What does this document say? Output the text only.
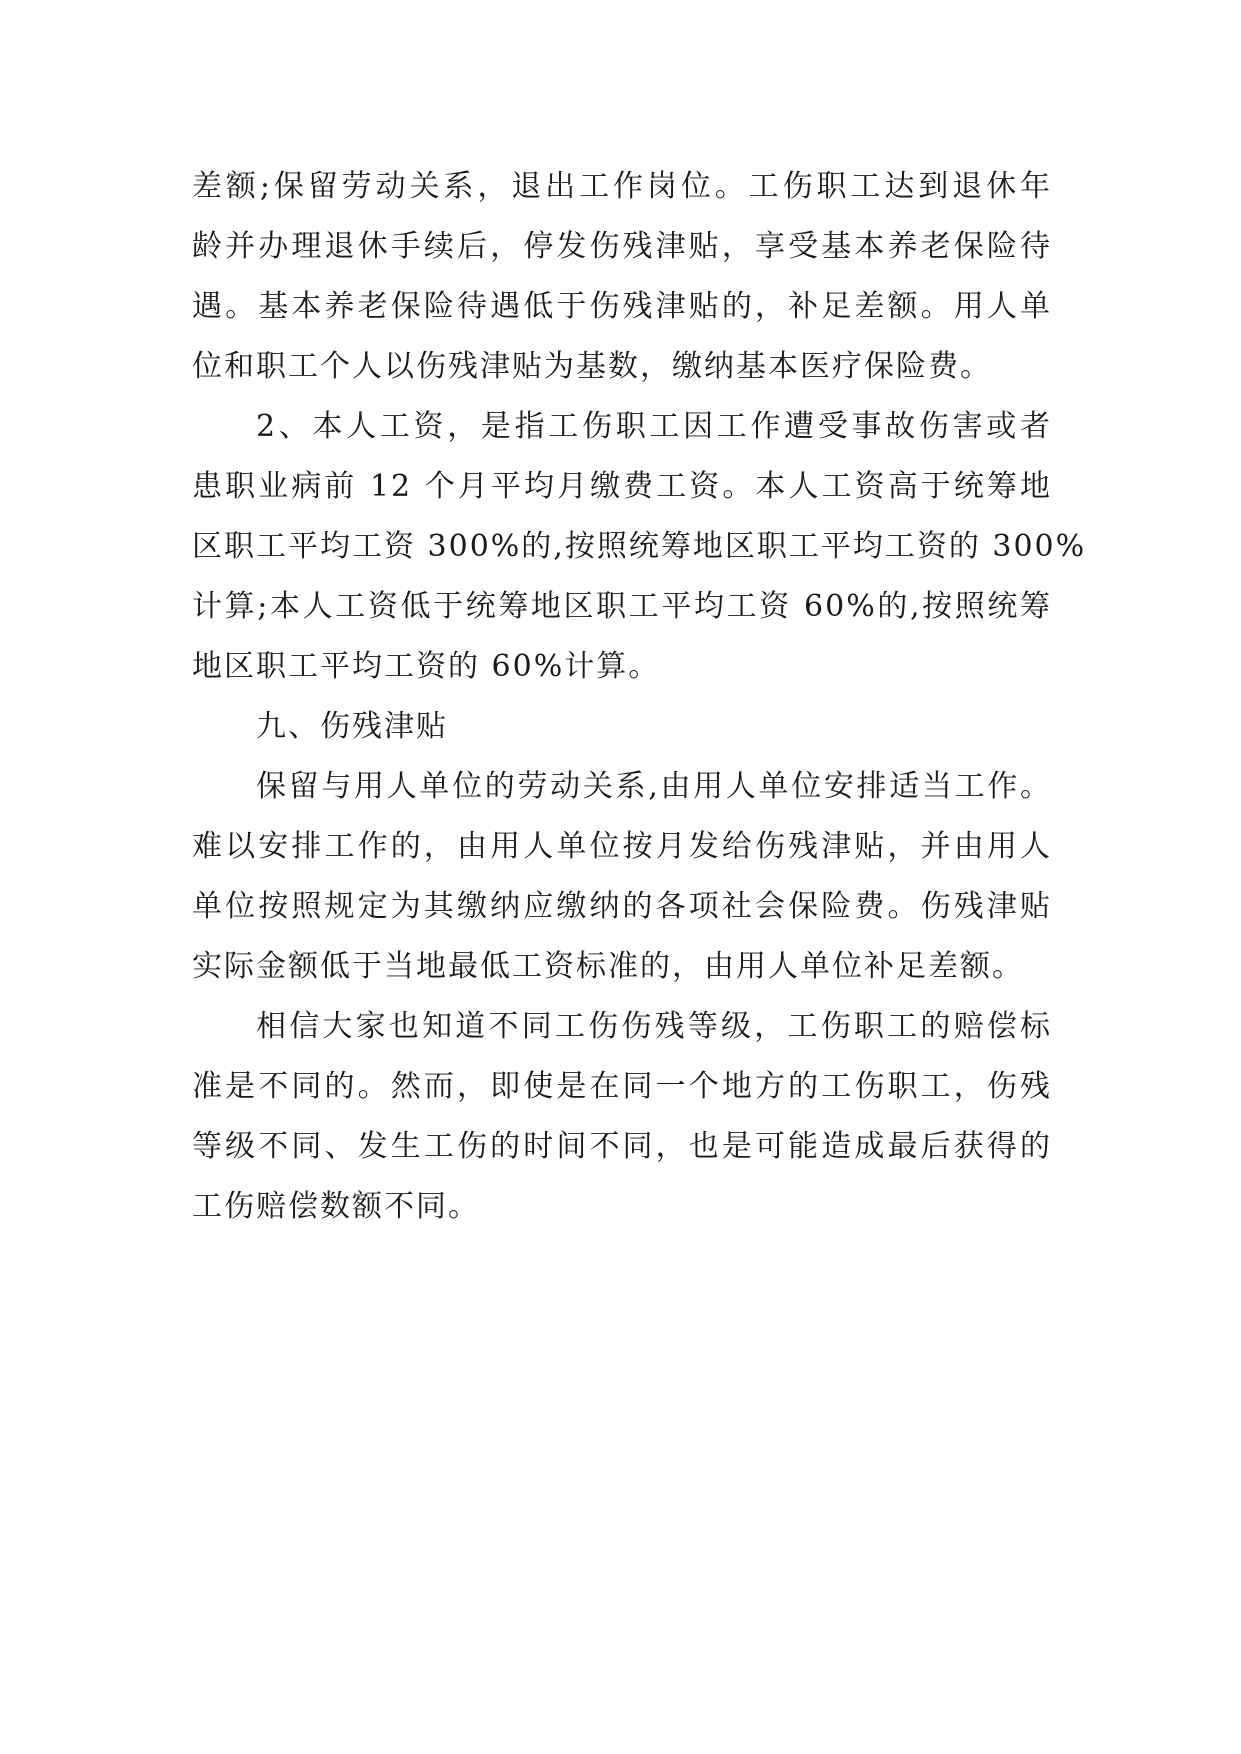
差额;保留劳动关系，退出工作岗位。工伤职工达到退休年
龄并办理退休手续后，停发伤残津贴，享受基本养老保险待
遇。基本养老保险待遇低于伤残津贴的，补足差额。用人单
位和职工个人以伤残津贴为基数，缴纳基本医疗保险费。
2、本人工资，是指工伤职工因工作遭受事故伤害或者
患职业病前 12 个月平均月缴费工资。本人工资高于统筹地
区职工平均工资 300%的,按照统筹地区职工平均工资的 300%
计算;本人工资低于统筹地区职工平均工资 60%的,按照统筹
地区职工平均工资的 60%计算。
九、伤残津贴
保留与用人单位的劳动关系,由用人单位安排适当工作。
难以安排工作的，由用人单位按月发给伤残津贴，并由用人
单位按照规定为其缴纳应缴纳的各项社会保险费。伤残津贴
实际金额低于当地最低工资标准的，由用人单位补足差额。
相信大家也知道不同工伤伤残等级，工伤职工的赔偿标
准是不同的。然而，即使是在同一个地方的工伤职工，伤残
等级不同、发生工伤的时间不同，也是可能造成最后获得的
工伤赔偿数额不同。
